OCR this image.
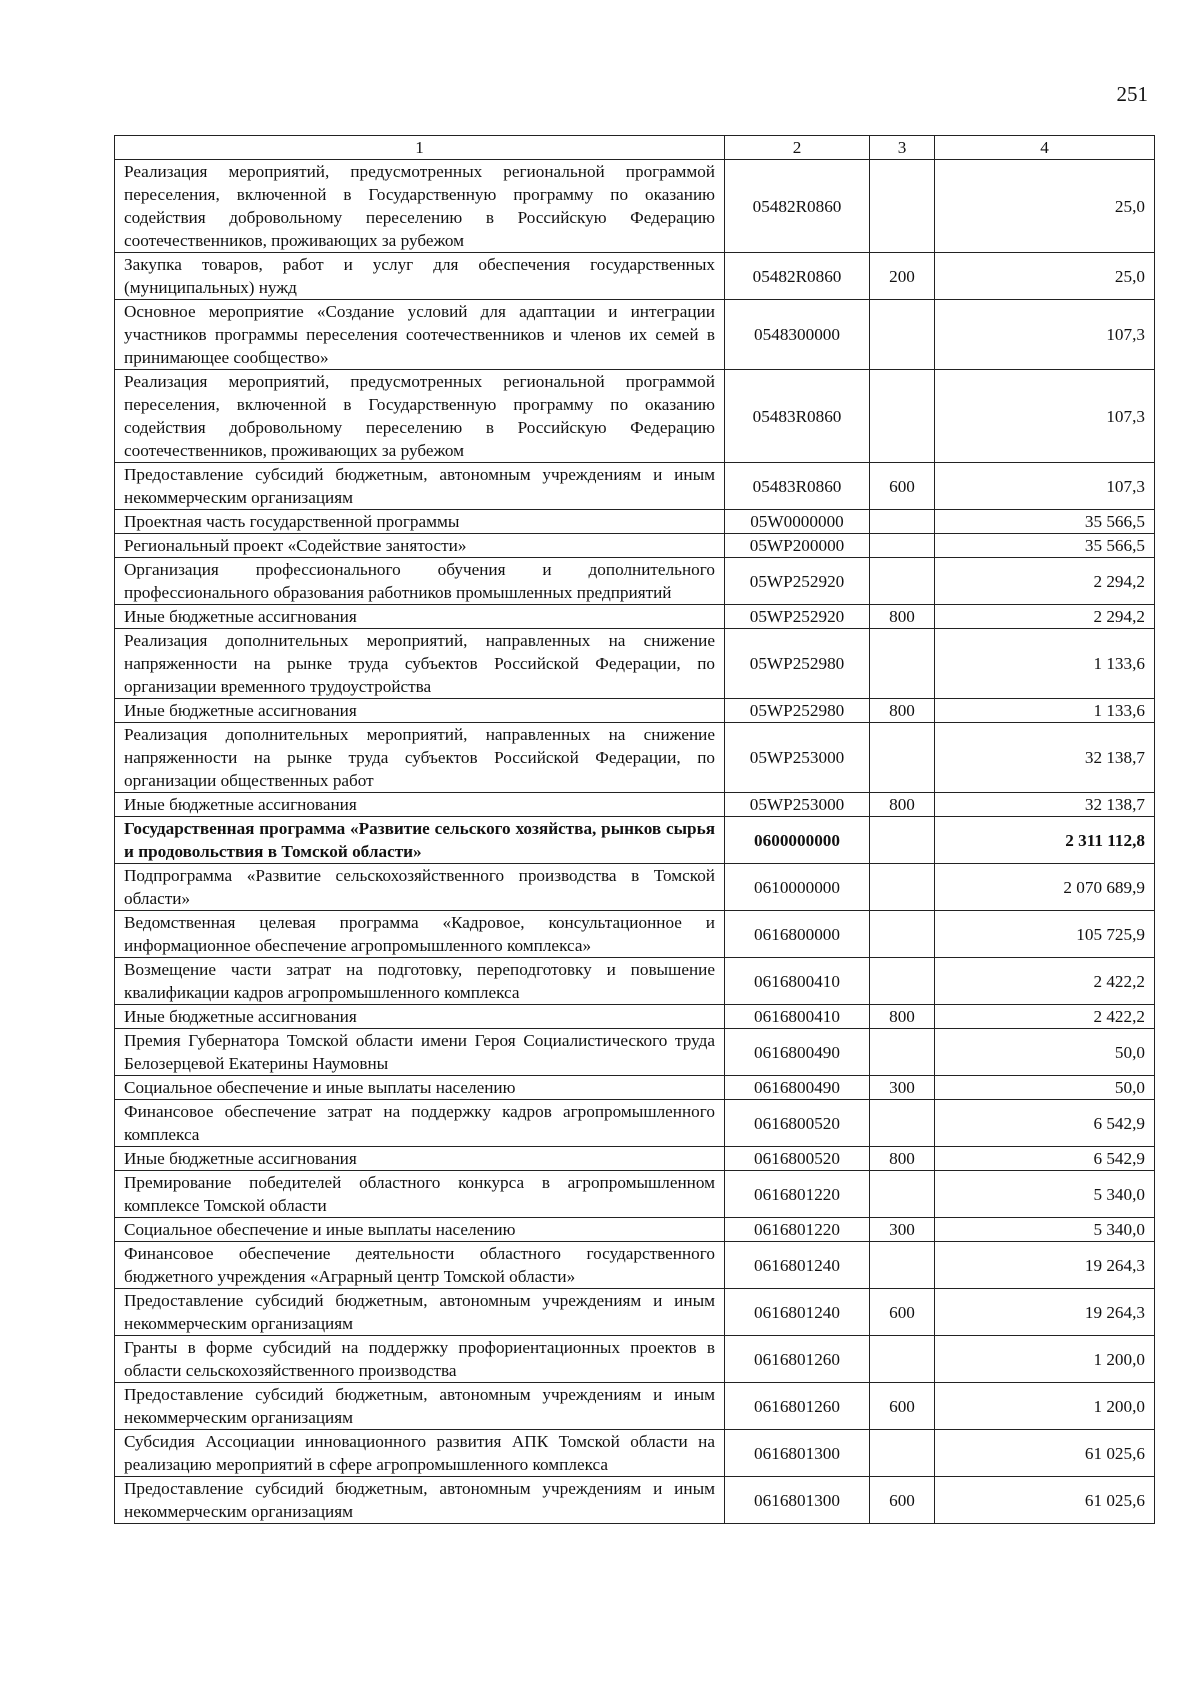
251
1	2	3	4
Реализация мероприятий, предусмотренных региональной программой переселения, включенной в Государственную программу по оказанию содействия добровольному переселению в Российскую Федерацию соотечественников, проживающих за рубежом	05482R0860		25,0
Закупка товаров, работ и услуг для обеспечения государственных (муниципальных) нужд	05482R0860	200	25,0
Основное мероприятие «Создание условий для адаптации и интеграции участников программы переселения соотечественников и членов их семей в принимающее сообщество»	0548300000		107,3
Реализация мероприятий, предусмотренных региональной программой переселения, включенной в Государственную программу по оказанию содействия добровольному переселению в Российскую Федерацию соотечественников, проживающих за рубежом	05483R0860		107,3
Предоставление субсидий бюджетным, автономным учреждениям и иным некоммерческим организациям	05483R0860	600	107,3
Проектная часть государственной программы	05W0000000		35 566,5
Региональный проект «Содействие занятости»	05WP200000		35 566,5
Организация профессионального обучения и дополнительного профессионального образования работников промышленных предприятий	05WP252920		2 294,2
Иные бюджетные ассигнования	05WP252920	800	2 294,2
Реализация дополнительных мероприятий, направленных на снижение напряженности на рынке труда субъектов Российской Федерации, по организации временного трудоустройства	05WP252980		1 133,6
Иные бюджетные ассигнования	05WP252980	800	1 133,6
Реализация дополнительных мероприятий, направленных на снижение напряженности на рынке труда субъектов Российской Федерации, по организации общественных работ	05WP253000		32 138,7
Иные бюджетные ассигнования	05WP253000	800	32 138,7
Государственная программа «Развитие сельского хозяйства, рынков сырья и продовольствия в Томской области»	0600000000		2 311 112,8
Подпрограмма «Развитие сельскохозяйственного производства в Томской области»	0610000000		2 070 689,9
Ведомственная целевая программа «Кадровое, консультационное и информационное обеспечение агропромышленного комплекса»	0616800000		105 725,9
Возмещение части затрат на подготовку, переподготовку и повышение квалификации кадров агропромышленного комплекса	0616800410		2 422,2
Иные бюджетные ассигнования	0616800410	800	2 422,2
Премия Губернатора Томской области имени Героя Социалистического труда Белозерцевой Екатерины Наумовны	0616800490		50,0
Социальное обеспечение и иные выплаты населению	0616800490	300	50,0
Финансовое обеспечение затрат на поддержку кадров агропромышленного комплекса	0616800520		6 542,9
Иные бюджетные ассигнования	0616800520	800	6 542,9
Премирование победителей областного конкурса в агропромышленном комплексе Томской области	0616801220		5 340,0
Социальное обеспечение и иные выплаты населению	0616801220	300	5 340,0
Финансовое обеспечение деятельности областного государственного бюджетного учреждения «Аграрный центр Томской области»	0616801240		19 264,3
Предоставление субсидий бюджетным, автономным учреждениям и иным некоммерческим организациям	0616801240	600	19 264,3
Гранты в форме субсидий на поддержку профориентационных проектов в области сельскохозяйственного производства	0616801260		1 200,0
Предоставление субсидий бюджетным, автономным учреждениям и иным некоммерческим организациям	0616801260	600	1 200,0
Субсидия Ассоциации инновационного развития АПК Томской области на реализацию мероприятий в сфере агропромышленного комплекса	0616801300		61 025,6
Предоставление субсидий бюджетным, автономным учреждениям и иным некоммерческим организациям	0616801300	600	61 025,6
